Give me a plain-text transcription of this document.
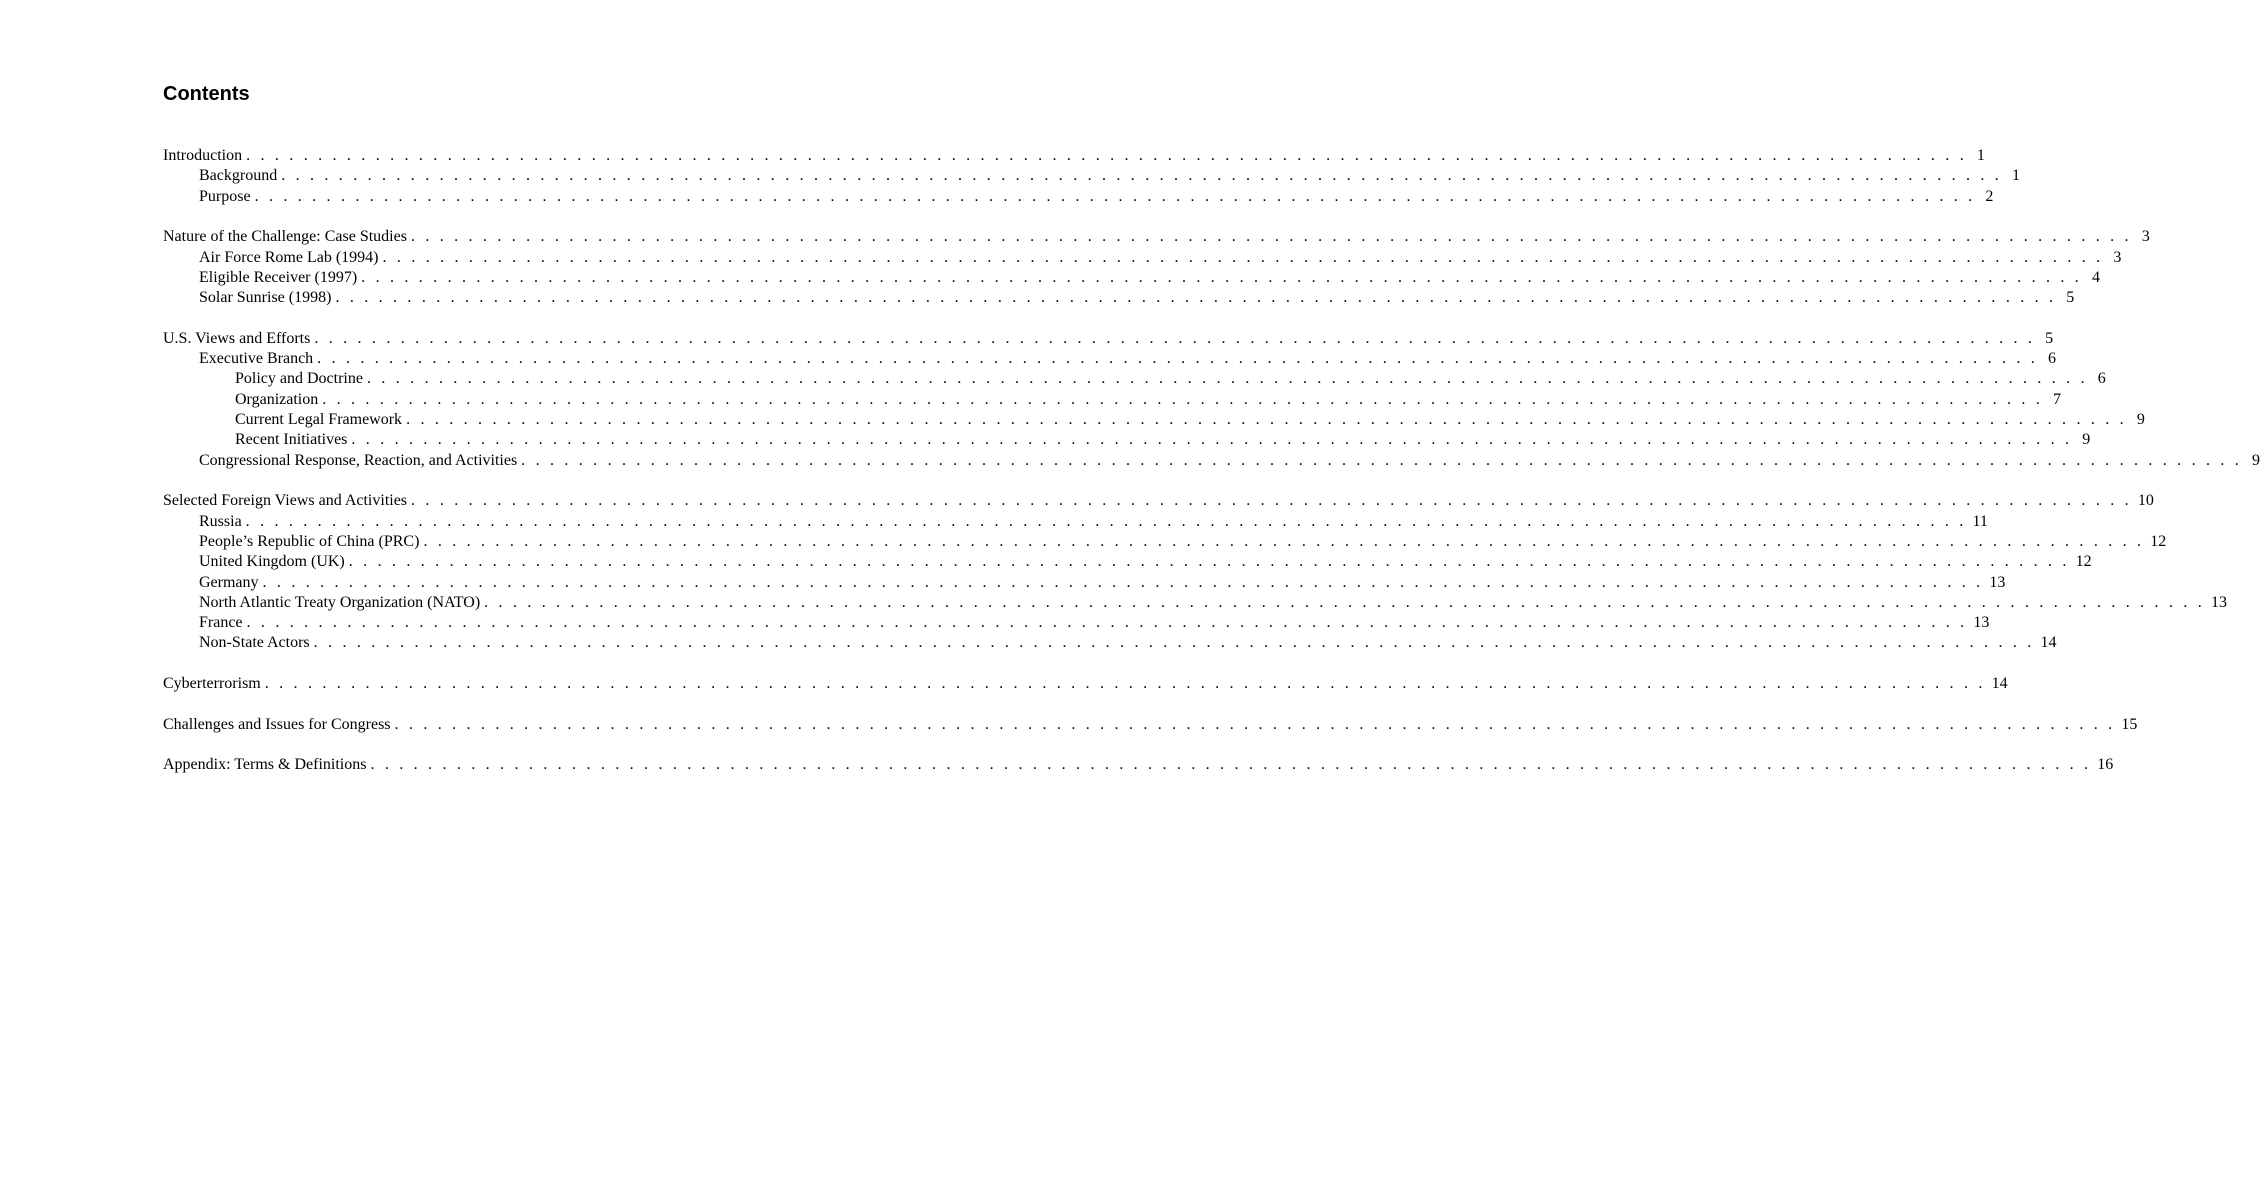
Contents
Introduction . . . . . . . . . . . . . . . . . . . . . . . . . . . . . . . . . . . . . . . . . . . . . . . . . . . . . . . . . . . . . . . . . . . . . . . . . . . . . . . . . . . . . . . . . . . . . . . . . . . . . . . . . . . . . . . . . . . . . . . . 1
Background . . . . . . . . . . . . . . . . . . . . . . . . . . . . . . . . . . . . . . . . . . . . . . . . . . . . . . . . . . . . . . . . . . . . . . . . . . . . . . . . . . . . . . . . . . . . . . . . . . . . . . . . . . . . . . . . . . . . . . . . 1
Purpose . . . . . . . . . . . . . . . . . . . . . . . . . . . . . . . . . . . . . . . . . . . . . . . . . . . . . . . . . . . . . . . . . . . . . . . . . . . . . . . . . . . . . . . . . . . . . . . . . . . . . . . . . . . . . . . . . . . . . . . . 2
Nature of the Challenge: Case Studies . . . . . . . . . . . . . . . . . . . . . . . . . . . . . . . . . . . . . . . . . . . . . . . . . . . . . . . . . . . . . . . . . . . . . . . . . . . . . . . . . . . . . . . . . . . . . . . . . . . . . . . . . . . . . . . . . . . . . . . . 3
Air Force Rome Lab (1994) . . . . . . . . . . . . . . . . . . . . . . . . . . . . . . . . . . . . . . . . . . . . . . . . . . . . . . . . . . . . . . . . . . . . . . . . . . . . . . . . . . . . . . . . . . . . . . . . . . . . . . . . . . . . . . . . . . . . . . . . 3
Eligible Receiver (1997) . . . . . . . . . . . . . . . . . . . . . . . . . . . . . . . . . . . . . . . . . . . . . . . . . . . . . . . . . . . . . . . . . . . . . . . . . . . . . . . . . . . . . . . . . . . . . . . . . . . . . . . . . . . . . . . . . . . . . . . . 4
Solar Sunrise (1998) . . . . . . . . . . . . . . . . . . . . . . . . . . . . . . . . . . . . . . . . . . . . . . . . . . . . . . . . . . . . . . . . . . . . . . . . . . . . . . . . . . . . . . . . . . . . . . . . . . . . . . . . . . . . . . . . . . . . . . . . 5
U.S. Views and Efforts . . . . . . . . . . . . . . . . . . . . . . . . . . . . . . . . . . . . . . . . . . . . . . . . . . . . . . . . . . . . . . . . . . . . . . . . . . . . . . . . . . . . . . . . . . . . . . . . . . . . . . . . . . . . . . . . . . . . . . . . 5
Executive Branch . . . . . . . . . . . . . . . . . . . . . . . . . . . . . . . . . . . . . . . . . . . . . . . . . . . . . . . . . . . . . . . . . . . . . . . . . . . . . . . . . . . . . . . . . . . . . . . . . . . . . . . . . . . . . . . . . . . . . . . . 6
Policy and Doctrine . . . . . . . . . . . . . . . . . . . . . . . . . . . . . . . . . . . . . . . . . . . . . . . . . . . . . . . . . . . . . . . . . . . . . . . . . . . . . . . . . . . . . . . . . . . . . . . . . . . . . . . . . . . . . . . . . . . . . . . . 6
Organization . . . . . . . . . . . . . . . . . . . . . . . . . . . . . . . . . . . . . . . . . . . . . . . . . . . . . . . . . . . . . . . . . . . . . . . . . . . . . . . . . . . . . . . . . . . . . . . . . . . . . . . . . . . . . . . . . . . . . . . . 7
Current Legal Framework . . . . . . . . . . . . . . . . . . . . . . . . . . . . . . . . . . . . . . . . . . . . . . . . . . . . . . . . . . . . . . . . . . . . . . . . . . . . . . . . . . . . . . . . . . . . . . . . . . . . . . . . . . . . . . . . . . . . . . . . 9
Recent Initiatives . . . . . . . . . . . . . . . . . . . . . . . . . . . . . . . . . . . . . . . . . . . . . . . . . . . . . . . . . . . . . . . . . . . . . . . . . . . . . . . . . . . . . . . . . . . . . . . . . . . . . . . . . . . . . . . . . . . . . . . . 9
Congressional Response, Reaction, and Activities . . . . . . . . . . . . . . . . . . . . . . . . . . . . . . . . . . . . . . . . . . . . . . . . . . . . . . . . . . . . . . . . . . . . . . . . . . . . . . . . . . . . . . . . . . . . . . . . . . . . . . . . . . . . . . . . . . . . . . . . 9
Selected Foreign Views and Activities . . . . . . . . . . . . . . . . . . . . . . . . . . . . . . . . . . . . . . . . . . . . . . . . . . . . . . . . . . . . . . . . . . . . . . . . . . . . . . . . . . . . . . . . . . . . . . . . . . . . . . . . . . . . . . . . . . . . . . . . 10
Russia . . . . . . . . . . . . . . . . . . . . . . . . . . . . . . . . . . . . . . . . . . . . . . . . . . . . . . . . . . . . . . . . . . . . . . . . . . . . . . . . . . . . . . . . . . . . . . . . . . . . . . . . . . . . . . . . . . . . . . . . 11
People’s Republic of China (PRC) . . . . . . . . . . . . . . . . . . . . . . . . . . . . . . . . . . . . . . . . . . . . . . . . . . . . . . . . . . . . . . . . . . . . . . . . . . . . . . . . . . . . . . . . . . . . . . . . . . . . . . . . . . . . . . . . . . . . . . . . 12
United Kingdom (UK) . . . . . . . . . . . . . . . . . . . . . . . . . . . . . . . . . . . . . . . . . . . . . . . . . . . . . . . . . . . . . . . . . . . . . . . . . . . . . . . . . . . . . . . . . . . . . . . . . . . . . . . . . . . . . . . . . . . . . . . . 12
Germany . . . . . . . . . . . . . . . . . . . . . . . . . . . . . . . . . . . . . . . . . . . . . . . . . . . . . . . . . . . . . . . . . . . . . . . . . . . . . . . . . . . . . . . . . . . . . . . . . . . . . . . . . . . . . . . . . . . . . . . . 13
North Atlantic Treaty Organization (NATO) . . . . . . . . . . . . . . . . . . . . . . . . . . . . . . . . . . . . . . . . . . . . . . . . . . . . . . . . . . . . . . . . . . . . . . . . . . . . . . . . . . . . . . . . . . . . . . . . . . . . . . . . . . . . . . . . . . . . . . . . 13
France . . . . . . . . . . . . . . . . . . . . . . . . . . . . . . . . . . . . . . . . . . . . . . . . . . . . . . . . . . . . . . . . . . . . . . . . . . . . . . . . . . . . . . . . . . . . . . . . . . . . . . . . . . . . . . . . . . . . . . . . 13
Non-State Actors . . . . . . . . . . . . . . . . . . . . . . . . . . . . . . . . . . . . . . . . . . . . . . . . . . . . . . . . . . . . . . . . . . . . . . . . . . . . . . . . . . . . . . . . . . . . . . . . . . . . . . . . . . . . . . . . . . . . . . . . 14
Cyberterrorism . . . . . . . . . . . . . . . . . . . . . . . . . . . . . . . . . . . . . . . . . . . . . . . . . . . . . . . . . . . . . . . . . . . . . . . . . . . . . . . . . . . . . . . . . . . . . . . . . . . . . . . . . . . . . . . . . . . . . . . . 14
Challenges and Issues for Congress . . . . . . . . . . . . . . . . . . . . . . . . . . . . . . . . . . . . . . . . . . . . . . . . . . . . . . . . . . . . . . . . . . . . . . . . . . . . . . . . . . . . . . . . . . . . . . . . . . . . . . . . . . . . . . . . . . . . . . . . 15
Appendix: Terms & Definitions . . . . . . . . . . . . . . . . . . . . . . . . . . . . . . . . . . . . . . . . . . . . . . . . . . . . . . . . . . . . . . . . . . . . . . . . . . . . . . . . . . . . . . . . . . . . . . . . . . . . . . . . . . . . . . . . . . . . . . . . 16
